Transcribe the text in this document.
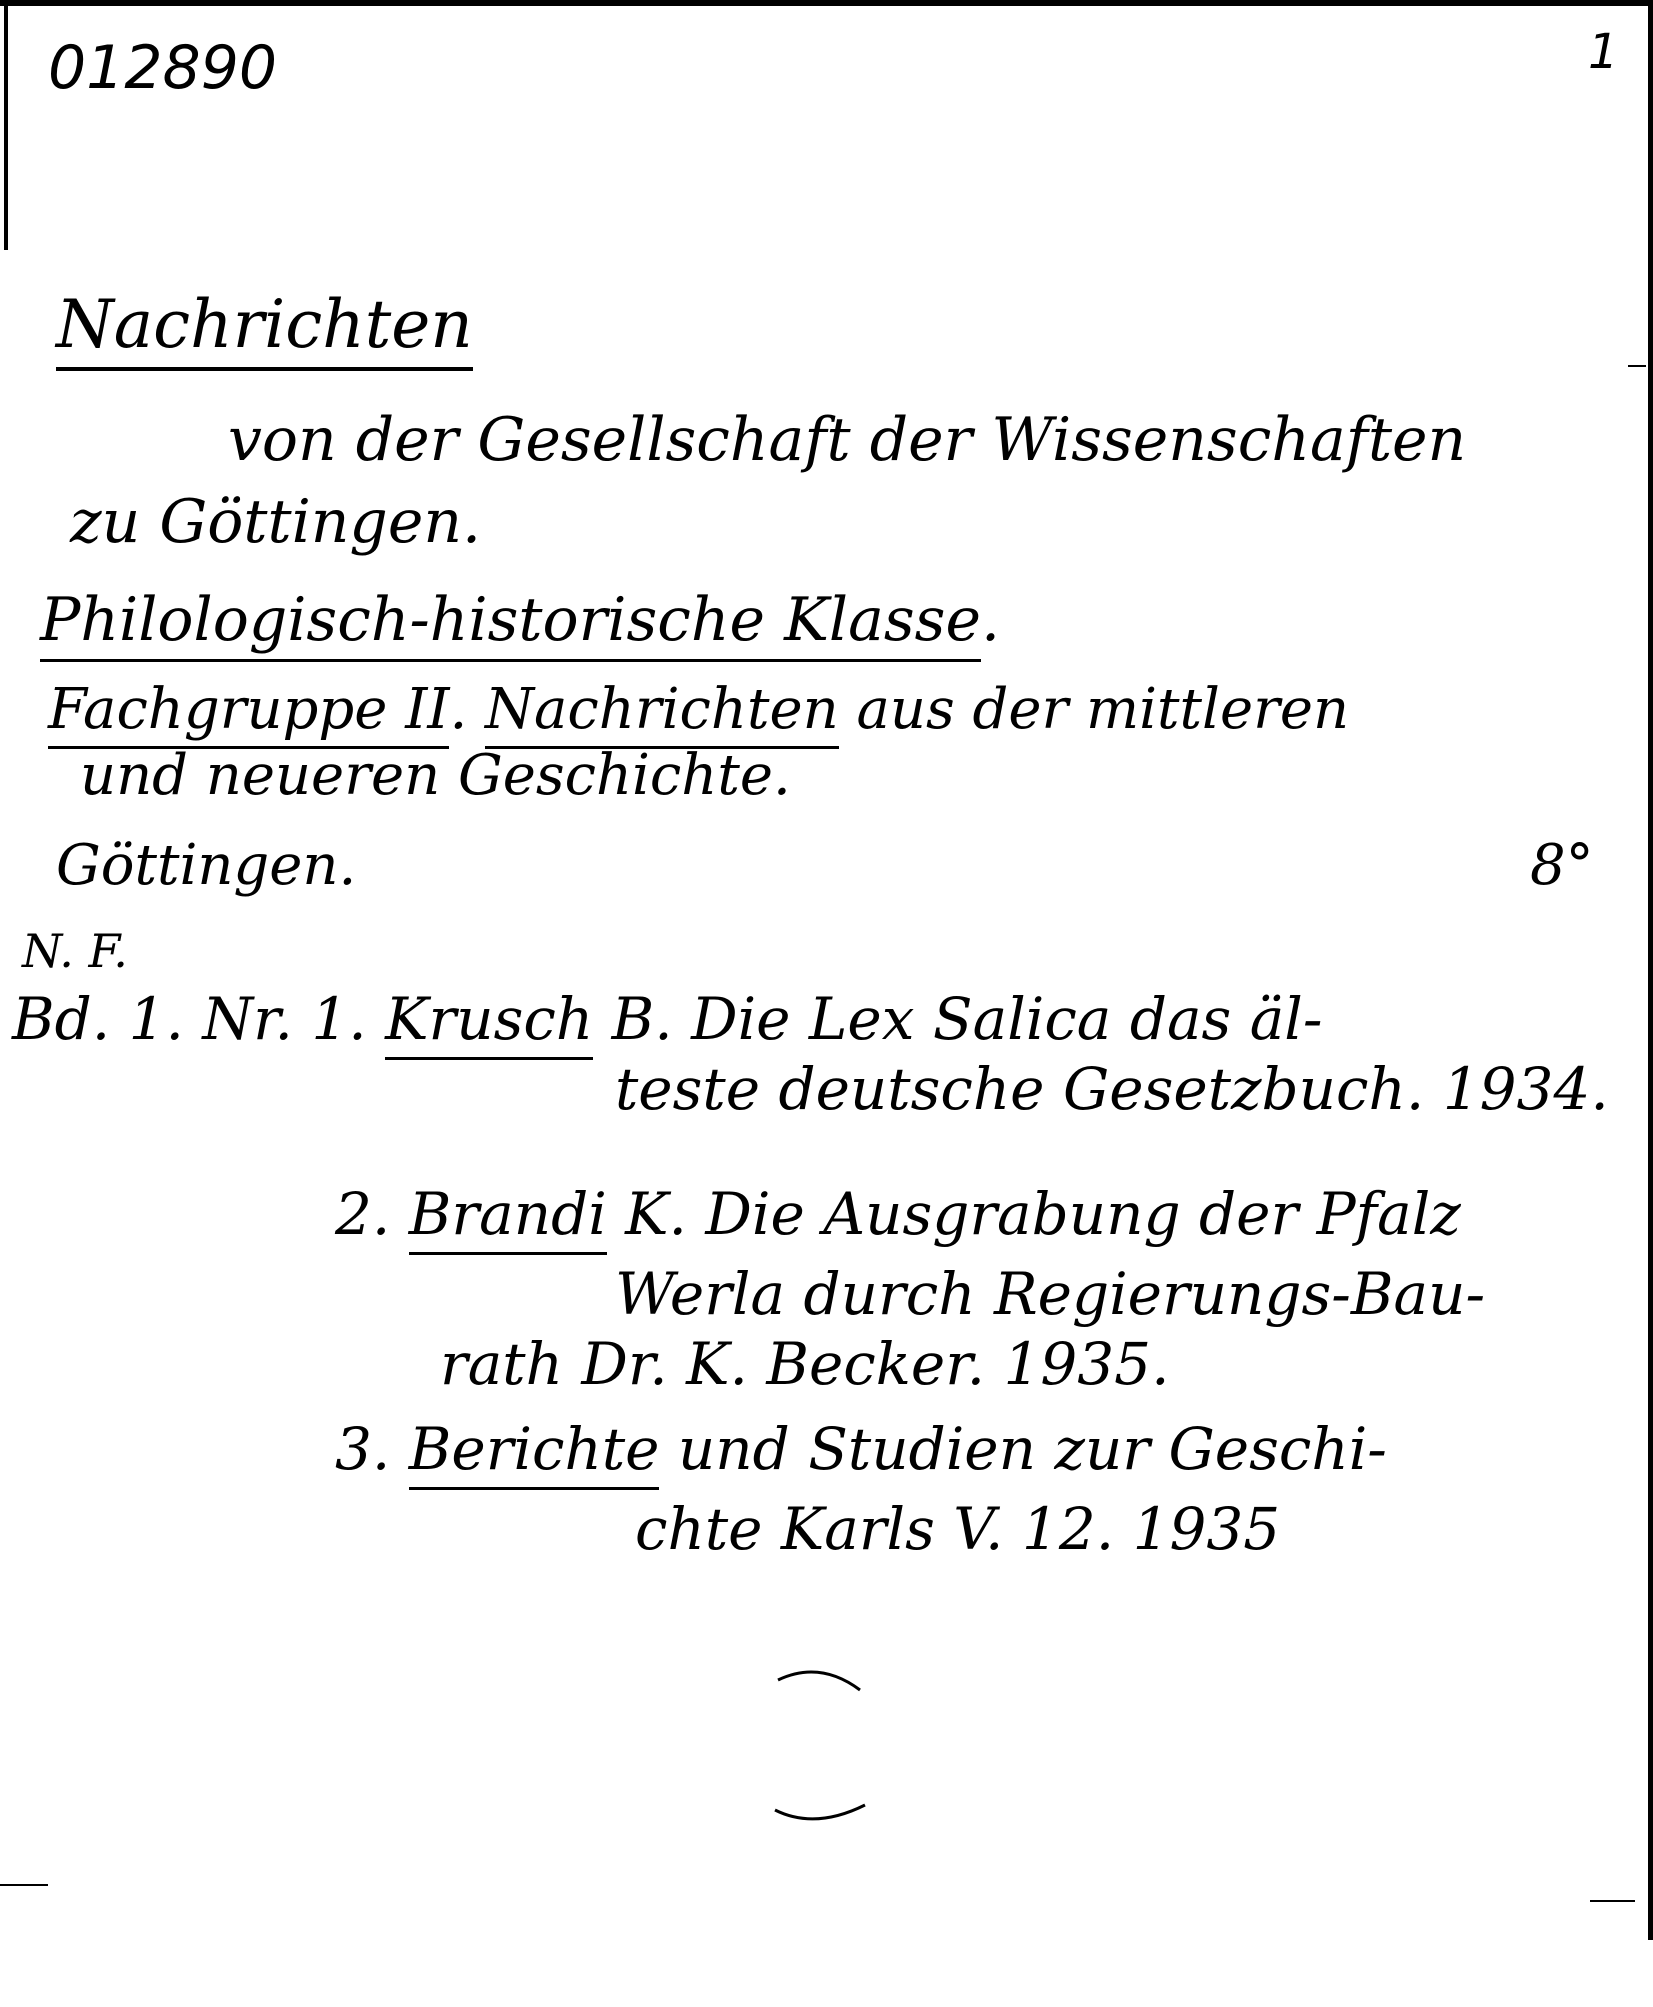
012890	1
Nachrichten
von der Gesellschaft der Wissenschaften
zu Göttingen.
Philologisch-historische Klasse.
Fachgruppe II. Nachrichten aus der mittleren
und neueren Geschichte.
Göttingen.	8°
N. F.
Bd. 1. Nr. 1. Krusch B. Die Lex Salica das äl-
teste deutsche Gesetzbuch. 1934.
2. Brandi K. Die Ausgrabung der Pfalz
Werla durch Regierungs-Bau-
rath Dr. K. Becker. 1935.
3. Berichte und Studien zur Geschi-
chte Karls V. 12. 1935
